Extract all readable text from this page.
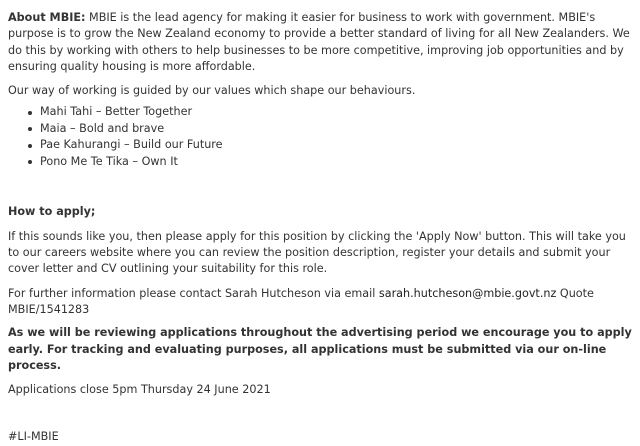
About MBIE: MBIE is the lead agency for making it easier for business to work with government. MBIE's purpose is to grow the New Zealand economy to provide a better standard of living for all New Zealanders. We do this by working with others to help businesses to be more competitive, improving job opportunities and by ensuring quality housing is more affordable.

Our way of working is guided by our values which shape our behaviours.

Mahi Tahi – Better Together
Maia – Bold and brave
Pae Kahurangi – Build our Future
Pono Me Te Tika – Own It

How to apply;

If this sounds like you, then please apply for this position by clicking the 'Apply Now' button. This will take you to our careers website where you can review the position description, register your details and submit your cover letter and CV outlining your suitability for this role.

For further information please contact Sarah Hutcheson via email sarah.hutcheson@mbie.govt.nz Quote MBIE/1541283

As we will be reviewing applications throughout the advertising period we encourage you to apply early. For tracking and evaluating purposes, all applications must be submitted via our on-line process.

Applications close 5pm Thursday 24 June 2021

#LI-MBIE
